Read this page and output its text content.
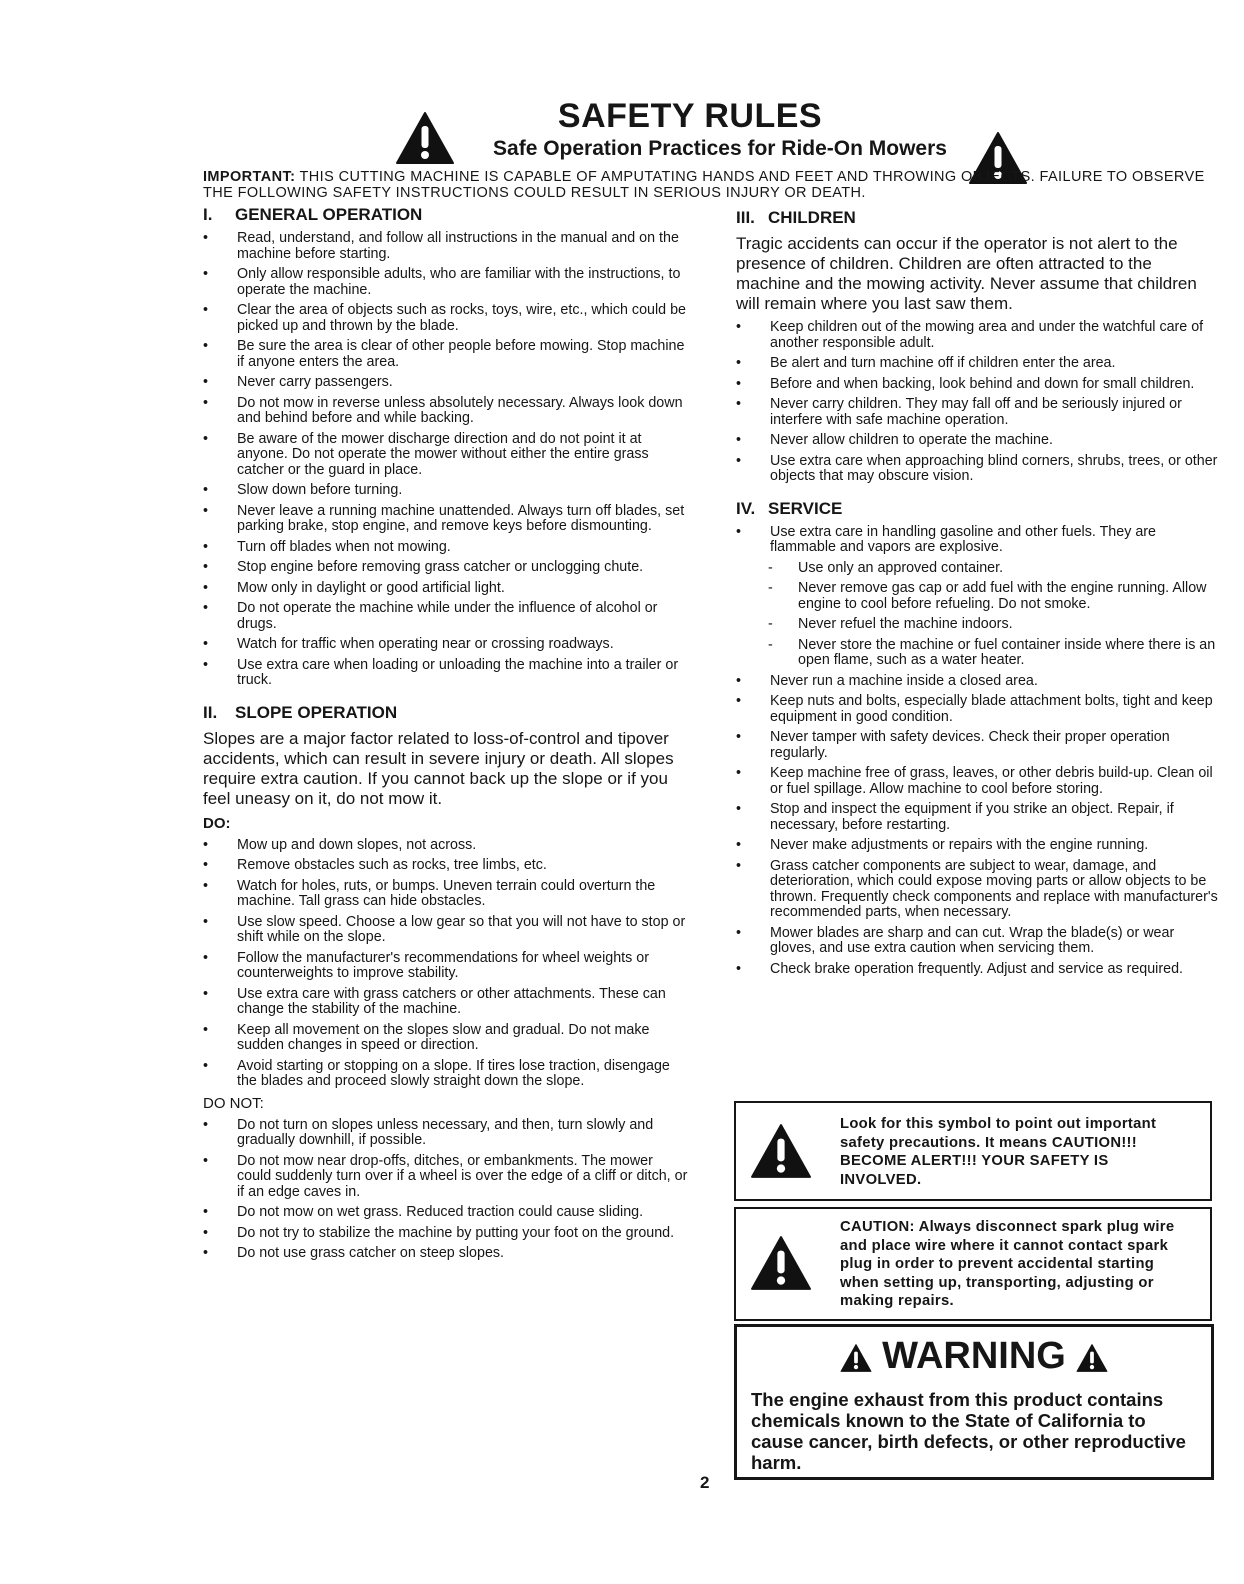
SAFETY RULES
Safe Operation Practices for Ride-On Mowers
IMPORTANT: THIS CUTTING MACHINE IS CAPABLE OF AMPUTATING HANDS AND FEET AND THROWING OBJECTS. FAILURE TO OBSERVE THE FOLLOWING SAFETY INSTRUCTIONS COULD RESULT IN SERIOUS INJURY OR DEATH.
I. GENERAL OPERATION
• Read, understand, and follow all instructions in the manual and on the machine before starting.
• Only allow responsible adults, who are familiar with the instructions, to operate the machine.
• Clear the area of objects such as rocks, toys, wire, etc., which could be picked up and thrown by the blade.
• Be sure the area is clear of other people before mowing. Stop machine if anyone enters the area.
• Never carry passengers.
• Do not mow in reverse unless absolutely necessary. Always look down and behind before and while backing.
• Be aware of the mower discharge direction and do not point it at anyone. Do not operate the mower without either the entire grass catcher or the guard in place.
• Slow down before turning.
• Never leave a running machine unattended. Always turn off blades, set parking brake, stop engine, and remove keys before dismounting.
• Turn off blades when not mowing.
• Stop engine before removing grass catcher or unclogging chute.
• Mow only in daylight or good artificial light.
• Do not operate the machine while under the influence of alcohol or drugs.
• Watch for traffic when operating near or crossing roadways.
• Use extra care when loading or unloading the machine into a trailer or truck.
II. SLOPE OPERATION

Slopes are a major factor related to loss-of-control and tipover accidents, which can result in severe injury or death. All slopes require extra caution. If you cannot back up the slope or if you feel uneasy on it, do not mow it.

DO:
• Mow up and down slopes, not across.
• Remove obstacles such as rocks, tree limbs, etc.
• Watch for holes, ruts, or bumps. Uneven terrain could overturn the machine. Tall grass can hide obstacles.
• Use slow speed. Choose a low gear so that you will not have to stop or shift while on the slope.
• Follow the manufacturer's recommendations for wheel weights or counterweights to improve stability.
• Use extra care with grass catchers or other attachments. These can change the stability of the machine.
• Keep all movement on the slopes slow and gradual. Do not make sudden changes in speed or direction.
• Avoid starting or stopping on a slope. If tires lose traction, disengage the blades and proceed slowly straight down the slope.
DO NOT:
• Do not turn on slopes unless necessary, and then, turn slowly and gradually downhill, if possible.
• Do not mow near drop-offs, ditches, or embankments. The mower could suddenly turn over if a wheel is over the edge of a cliff or ditch, or if an edge caves in.
• Do not mow on wet grass. Reduced traction could cause sliding.
• Do not try to stabilize the machine by putting your foot on the ground.
• Do not use grass catcher on steep slopes.
III. CHILDREN

Tragic accidents can occur if the operator is not alert to the presence of children. Children are often attracted to the machine and the mowing activity. Never assume that children will remain where you last saw them.

• Keep children out of the mowing area and under the watchful care of another responsible adult.
• Be alert and turn machine off if children enter the area.
• Before and when backing, look behind and down for small children.
• Never carry children. They may fall off and be seriously injured or interfere with safe machine operation.
• Never allow children to operate the machine.
• Use extra care when approaching blind corners, shrubs, trees, or other objects that may obscure vision.
IV. SERVICE
• Use extra care in handling gasoline and other fuels. They are flammable and vapors are explosive.
- Use only an approved container.
- Never remove gas cap or add fuel with the engine running. Allow engine to cool before refueling. Do not smoke.
- Never refuel the machine indoors.
- Never store the machine or fuel container inside where there is an open flame, such as a water heater.
• Never run a machine inside a closed area.
• Keep nuts and bolts, especially blade attachment bolts, tight and keep equipment in good condition.
• Never tamper with safety devices. Check their proper operation regularly.
• Keep machine free of grass, leaves, or other debris build-up. Clean oil or fuel spillage. Allow machine to cool before storing.
• Stop and inspect the equipment if you strike an object. Repair, if necessary, before restarting.
• Never make adjustments or repairs with the engine running.
• Grass catcher components are subject to wear, damage, and deterioration, which could expose moving parts or allow objects to be thrown. Frequently check components and replace with manufacturer's recommended parts, when necessary.
• Mower blades are sharp and can cut. Wrap the blade(s) or wear gloves, and use extra caution when servicing them.
• Check brake operation frequently. Adjust and service as required.
Look for this symbol to point out important safety precautions. It means CAUTION!!! BECOME ALERT!!! YOUR SAFETY IS INVOLVED.
CAUTION: Always disconnect spark plug wire and place wire where it cannot contact spark plug in order to prevent accidental starting when setting up, transporting, adjusting or making repairs.
WARNING
The engine exhaust from this product contains chemicals known to the State of California to cause cancer, birth defects, or other reproductive harm.
2
